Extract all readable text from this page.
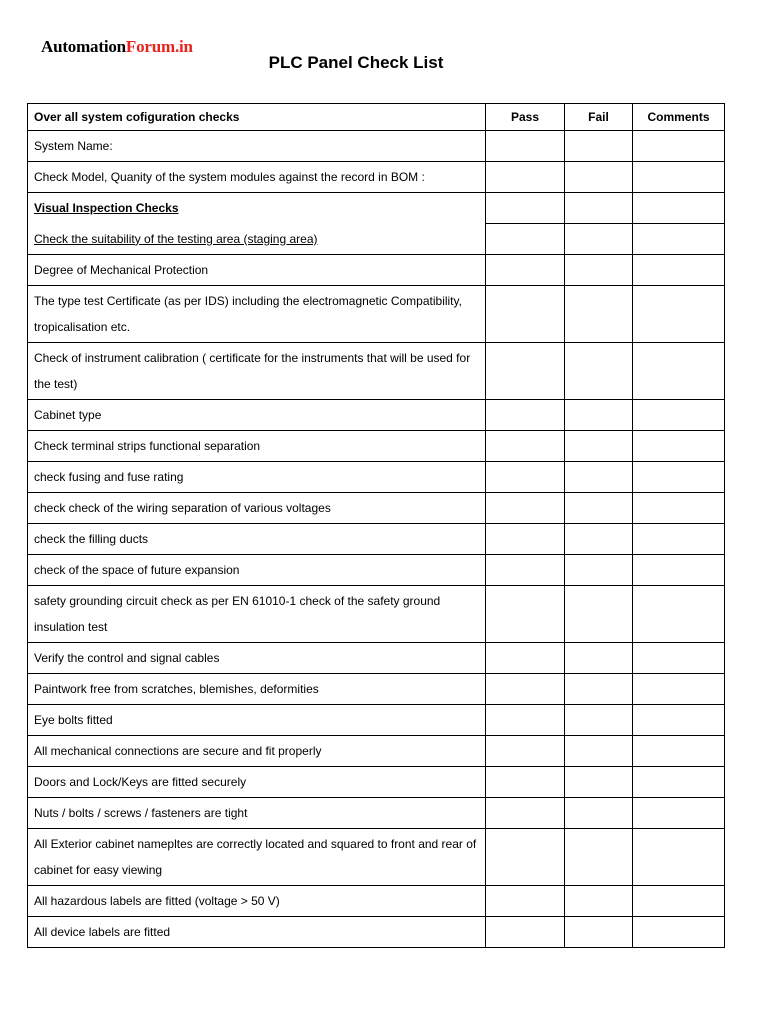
AutomationForum.in
PLC Panel Check List
Over all system cofiguration checks	Pass	Fail	Comments
System Name:			
Check Model, Quanity of the system modules against the record in BOM :			
Visual Inspection Checks			
Check the suitability of the testing area (staging area)			
Degree of Mechanical Protection			
The type test Certificate (as per IDS) including the electromagnetic Compatibility, tropicalisation etc.			
Check of instrument calibration ( certificate for the instruments that will be used for the test)			
Cabinet type			
Check terminal strips functional separation			
check fusing and fuse rating			
check check of the wiring separation of various voltages			
check the filling ducts			
check of the space of future expansion			
safety grounding circuit check as per EN 61010-1 check of the safety ground insulation test			
Verify the control and signal cables			
Paintwork free from scratches, blemishes, deformities			
Eye bolts fitted			
All mechanical connections are secure and fit properly			
Doors and Lock/Keys are fitted securely			
Nuts / bolts / screws / fasteners are tight			
All Exterior cabinet namepltes are correctly located and squared to front and rear of cabinet for easy viewing			
All hazardous labels are fitted (voltage > 50 V)			
All device labels are fitted			
